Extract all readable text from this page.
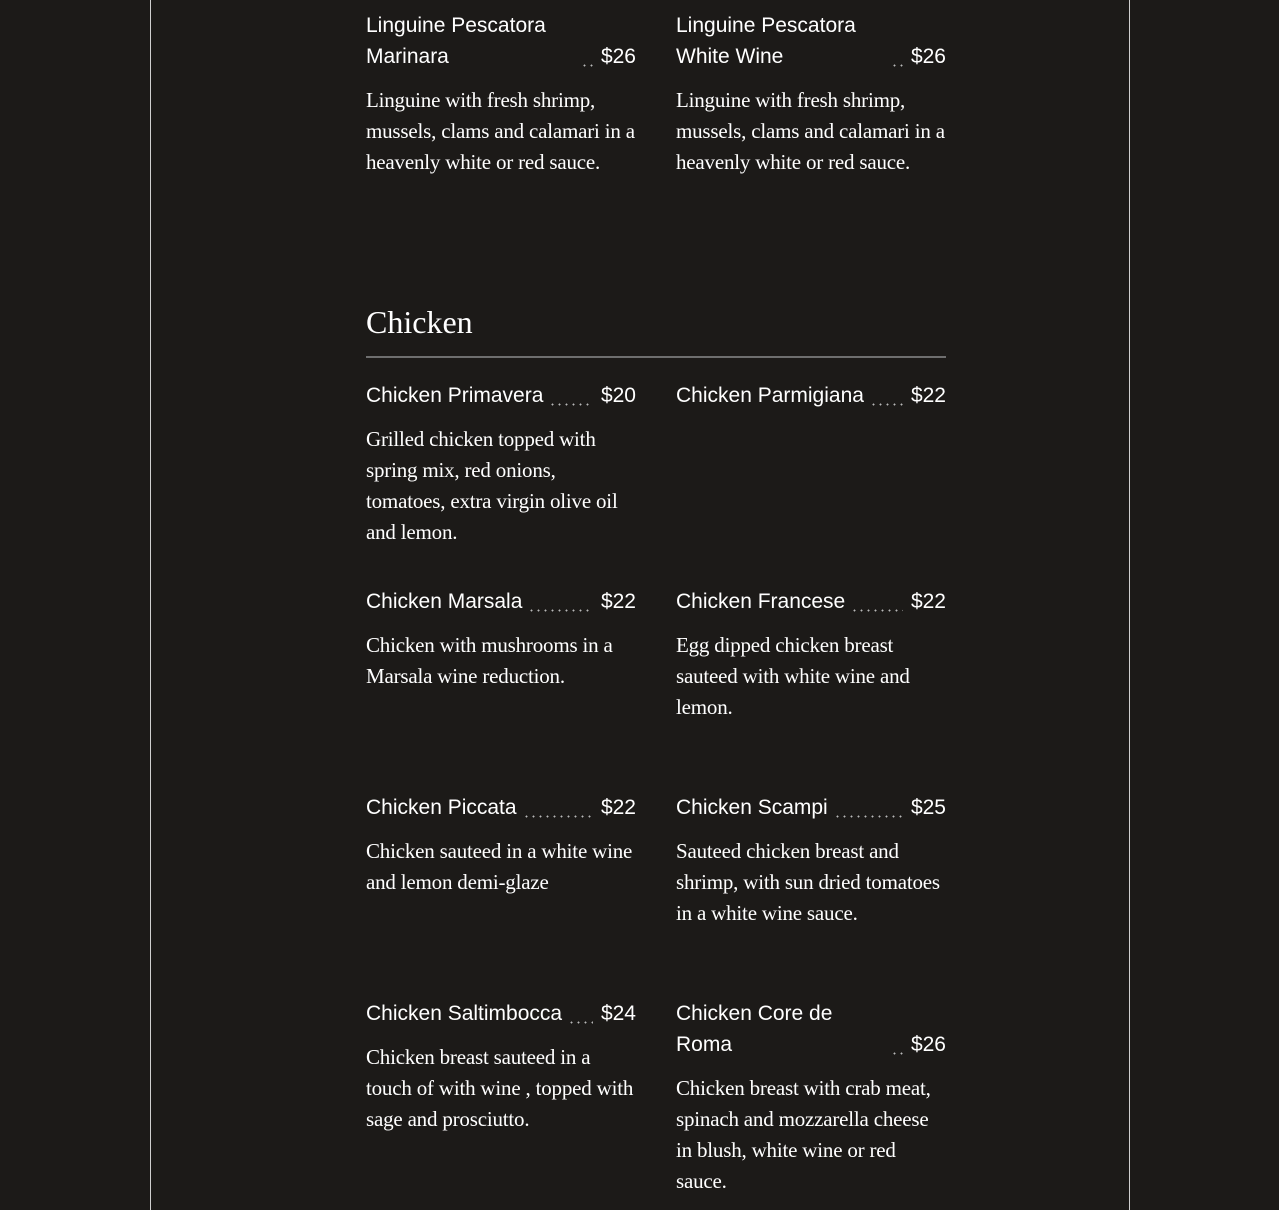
Linguine Pescatora Marinara	$26
Linguine with fresh shrimp, mussels, clams and calamari in a heavenly white or red sauce.
Linguine Pescatora White Wine	$26
Linguine with fresh shrimp, mussels, clams and calamari in a heavenly white or red sauce.
Chicken
Chicken Primavera	$20
Grilled chicken topped with spring mix, red onions, tomatoes, extra virgin olive oil and lemon.
Chicken Parmigiana $22
Chicken Marsala	$22
Chicken with mushrooms in a Marsala wine reduction.
Chicken Francese	$22
Egg dipped chicken breast sauteed with white wine and lemon.
Chicken Piccata	$22
Chicken sauteed in a white wine and lemon demi-glaze
Chicken Scampi	$25
Sauteed chicken breast and shrimp, with sun dried tomatoes in a white wine sauce.
Chicken Saltimbocca $24
Chicken breast sauteed in a touch of with wine , topped with sage and prosciutto.
Chicken Core de Roma	$26
Chicken breast with crab meat, spinach and mozzarella cheese in blush, white wine or red sauce.
